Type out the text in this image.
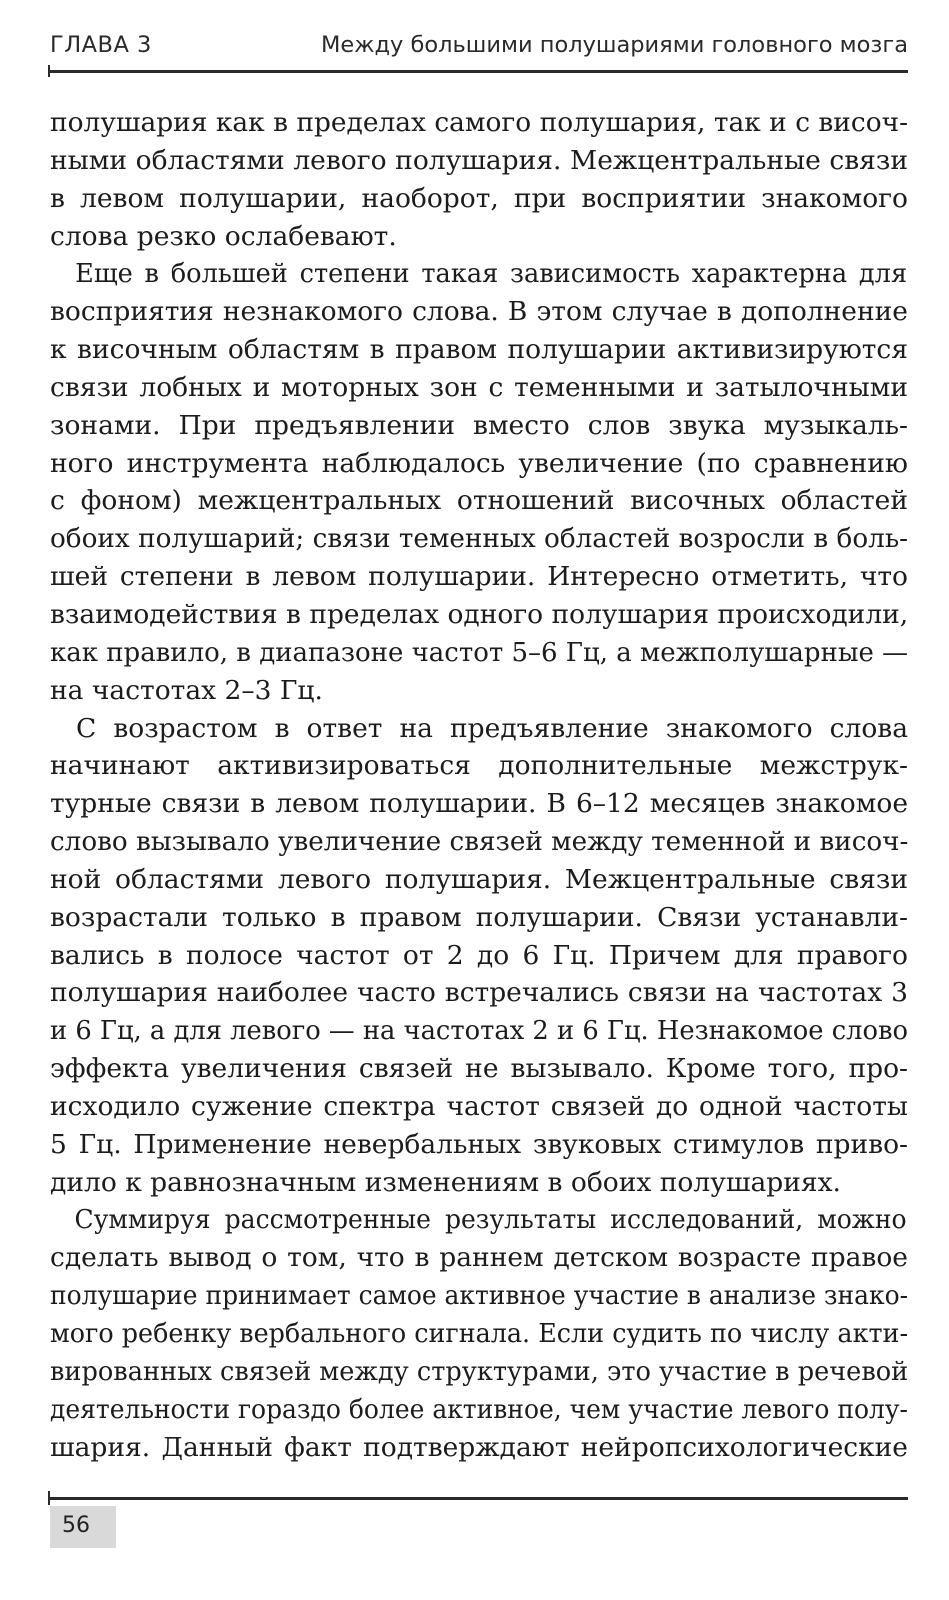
ГЛАВА 3	Между большими полушариями головного мозга

полушария как в пределах самого полушария, так и с височ-
ными областями левого полушария. Межцентральные связи
в левом полушарии, наоборот, при восприятии знакомого
слова резко ослабевают.

Еще в большей степени такая зависимость характерна для
восприятия незнакомого слова. В этом случае в дополнение
к височным областям в правом полушарии активизируются
связи лобных и моторных зон с теменными и затылочными
зонами. При предъявлении вместо слов звука музыкаль-
ного инструмента наблюдалось увеличение (по сравнению
с фоном) межцентральных отношений височных областей
обоих полушарий; связи теменных областей возросли в боль-
шей степени в левом полушарии. Интересно отметить, что
взаимодействия в пределах одного полушария происходили,
как правило, в диапазоне частот 5–6 Гц, а межполушарные —
на частотах 2–3 Гц.

С возрастом в ответ на предъявление знакомого слова
начинают активизироваться дополнительные межструк-
турные связи в левом полушарии. В 6–12 месяцев знакомое
слово вызывало увеличение связей между теменной и височ-
ной областями левого полушария. Межцентральные связи
возрастали только в правом полушарии. Связи устанавли-
вались в полосе частот от 2 до 6 Гц. Причем для правого
полушария наиболее часто встречались связи на частотах 3
и 6 Гц, а для левого — на частотах 2 и 6 Гц. Незнакомое слово
эффекта увеличения связей не вызывало. Кроме того, про-
исходило сужение спектра частот связей до одной частоты
5 Гц. Применение невербальных звуковых стимулов приво-
дило к равнозначным изменениям в обоих полушариях.

Суммируя рассмотренные результаты исследований, можно
сделать вывод о том, что в раннем детском возрасте правое
полушарие принимает самое активное участие в анализе знако-
мого ребенку вербального сигнала. Если судить по числу акти-
вированных связей между структурами, это участие в речевой
деятельности гораздо более активное, чем участие левого полу-
шария. Данный факт подтверждают нейропсихологические

56
